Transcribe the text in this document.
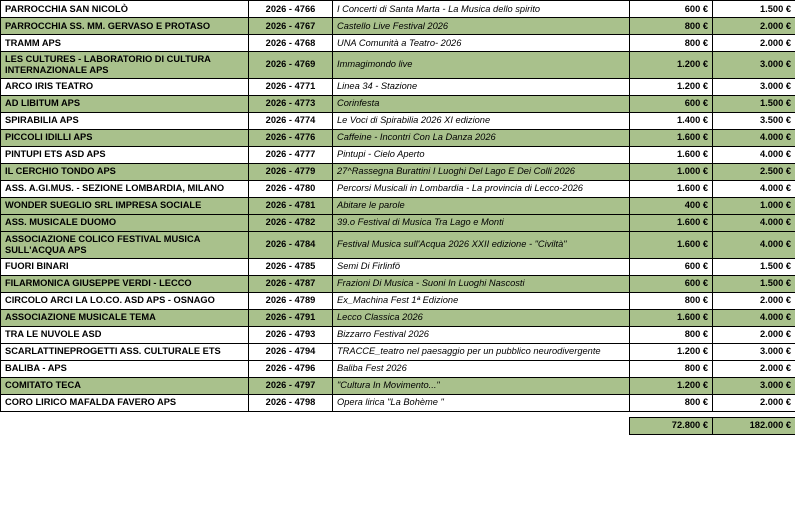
PARROCCHIA SAN NICOLÒ	2026 - 4766	I Concerti di Santa Marta - La Musica dello spirito	600 €	1.500 €
PARROCCHIA SS. MM. GERVASO E PROTASO	2026 - 4767	Castello Live Festival 2026	800 €	2.000 €
TRAMM APS	2026 - 4768	UNA Comunità a Teatro- 2026	800 €	2.000 €
LES CULTURES - LABORATORIO DI CULTURA INTERNAZIONALE APS	2026 - 4769	Immagimondo live	1.200 €	3.000 €
ARCO IRIS TEATRO	2026 - 4771	Linea 34 - Stazione	1.200 €	3.000 €
AD LIBITUM APS	2026 - 4773	Corinfesta	600 €	1.500 €
SPIRABILIA APS	2026 - 4774	Le Voci di Spirabilia 2026 XI edizione	1.400 €	3.500 €
PICCOLI IDILLI APS	2026 - 4776	Caffeine - Incontri Con La Danza 2026	1.600 €	4.000 €
PINTUPI ETS ASD APS	2026 - 4777	Pintupi - Cielo Aperto	1.600 €	4.000 €
IL CERCHIO TONDO APS	2026 - 4779	27^Rassegna Burattini I Luoghi Del Lago E Dei Colli 2026	1.000 €	2.500 €
ASS. A.GI.MUS. - SEZIONE LOMBARDIA, MILANO	2026 - 4780	Percorsi Musicali in Lombardia - La provincia di Lecco-2026	1.600 €	4.000 €
WONDER SUEGLIO SRL IMPRESA SOCIALE	2026 - 4781	Abitare le parole	400 €	1.000 €
ASS. MUSICALE DUOMO	2026 - 4782	39.o Festival di Musica Tra Lago e Monti	1.600 €	4.000 €
ASSOCIAZIONE COLICO FESTIVAL MUSICA SULL'ACQUA APS	2026 - 4784	Festival Musica sull'Acqua 2026 XXII edizione - "Civiltà"	1.600 €	4.000 €
FUORI BINARI	2026 - 4785	Semi Di Firlinfö	600 €	1.500 €
FILARMONICA GIUSEPPE VERDI - LECCO	2026 - 4787	Frazioni Di Musica - Suoni In Luoghi Nascosti	600 €	1.500 €
CIRCOLO ARCI LA LO.CO. ASD APS - OSNAGO	2026 - 4789	Ex_Machina Fest 1ª Edizione	800 €	2.000 €
ASSOCIAZIONE MUSICALE TEMA	2026 - 4791	Lecco Classica 2026	1.600 €	4.000 €
TRA LE NUVOLE ASD	2026 - 4793	Bizzarro Festival 2026	800 €	2.000 €
SCARLATTINEPROGETTI ASS. CULTURALE ETS	2026 - 4794	TRACCE_teatro nel paesaggio per un pubblico neurodivergente	1.200 €	3.000 €
BALIBA - APS	2026 - 4796	Baliba Fest 2026	800 €	2.000 €
COMITATO TECA	2026 - 4797	"Cultura In Movimento..."	1.200 €	3.000 €
CORO LIRICO MAFALDA FAVERO APS	2026 - 4798	Opera lirica "La Bohème "	800 €	2.000 €

			72.800 €	182.000 €
